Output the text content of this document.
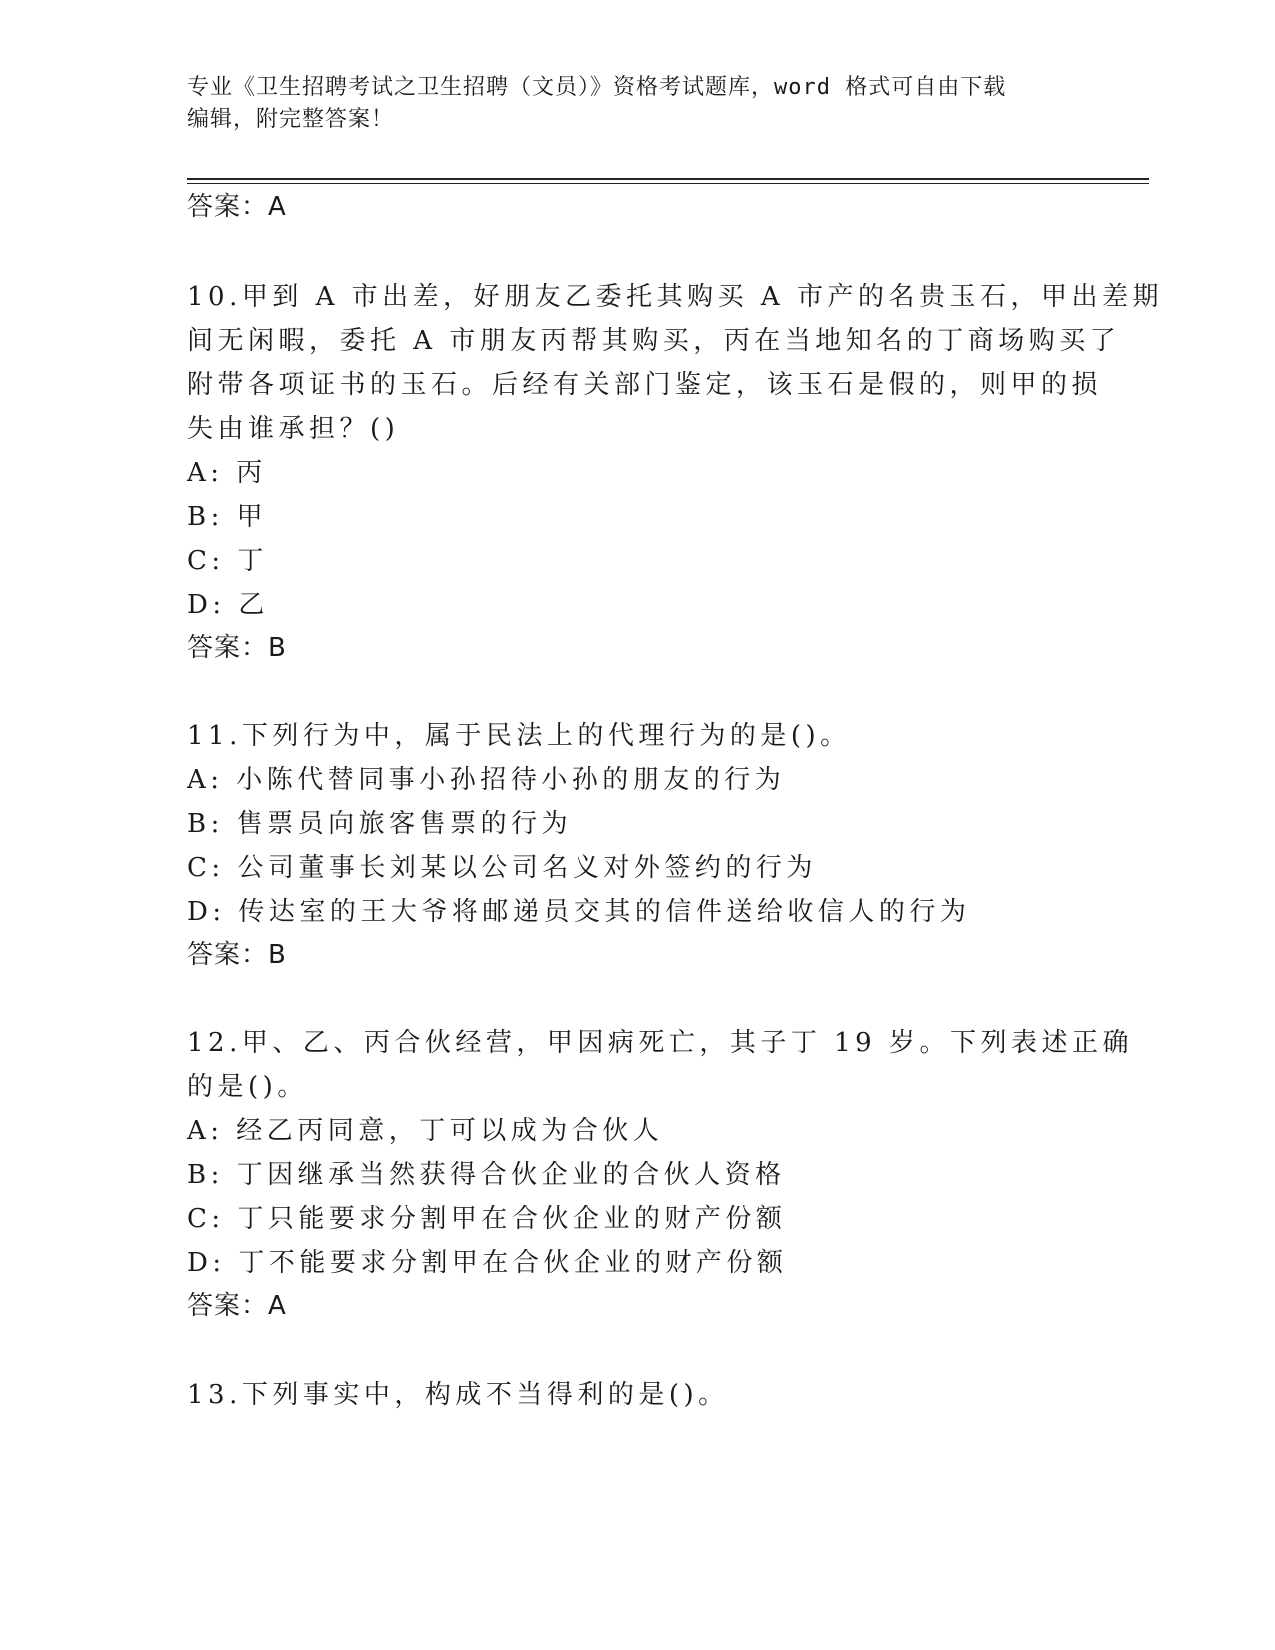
专业《卫生招聘考试之卫生招聘（文员）》资格考试题库，word 格式可自由下载
编辑，附完整答案！
答案：A
10.甲到 A 市出差，好朋友乙委托其购买 A 市产的名贵玉石，甲出差期
间无闲暇，委托 A 市朋友丙帮其购买，丙在当地知名的丁商场购买了
附带各项证书的玉石。后经有关部门鉴定，该玉石是假的，则甲的损
失由谁承担？()
A: 丙
B: 甲
C: 丁
D: 乙
答案：B
11.下列行为中，属于民法上的代理行为的是()。
A: 小陈代替同事小孙招待小孙的朋友的行为
B: 售票员向旅客售票的行为
C: 公司董事长刘某以公司名义对外签约的行为
D: 传达室的王大爷将邮递员交其的信件送给收信人的行为
答案：B
12.甲、乙、丙合伙经营，甲因病死亡，其子丁 19 岁。下列表述正确
的是()。
A: 经乙丙同意，丁可以成为合伙人
B: 丁因继承当然获得合伙企业的合伙人资格
C: 丁只能要求分割甲在合伙企业的财产份额
D: 丁不能要求分割甲在合伙企业的财产份额
答案：A
13.下列事实中，构成不当得利的是()。
